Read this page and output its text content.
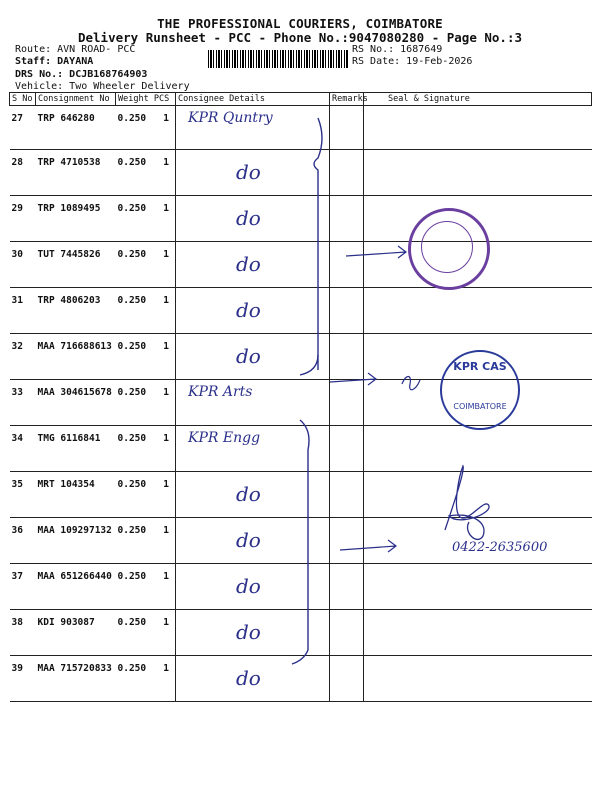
THE PROFESSIONAL COURIERS, COIMBATORE
Delivery Runsheet - PCC - Phone No.:9047080280 - Page No.:3
Route: AVN ROAD- PCC
Staff: DAYANA
DRS No.: DCJB168764903
Vehicle: Two Wheeler Delivery
RS No.: 1687649
RS Date: 19-Feb-2026
S No	Consignment No	Weight PCS	Consignee Details	Remarks	Seal & Signature
27	TRP 646280	0.250 1	KPR Quntry		

28	TRP 4710538	0.250 1	do		

29	TRP 1089495	0.250 1	do		

30	TUT 7445826	0.250 1	do		

31	TRP 4806203	0.250 1	do		

32	MAA 716688613	0.250 1	do		

33	MAA 304615678	0.250 1	KPR Arts		

34	TMG 6116841	0.250 1	KPR Engg		

35	MRT 104354	0.250 1	do		

36	MAA 109297132	0.250 1	do		

37	MAA 651266440	0.250 1	do		

38	KDI 903087	0.250 1	do		

39	MAA 715720833	0.250 1	do		

KPR CAS
COIMBATORE
0422-2635600
